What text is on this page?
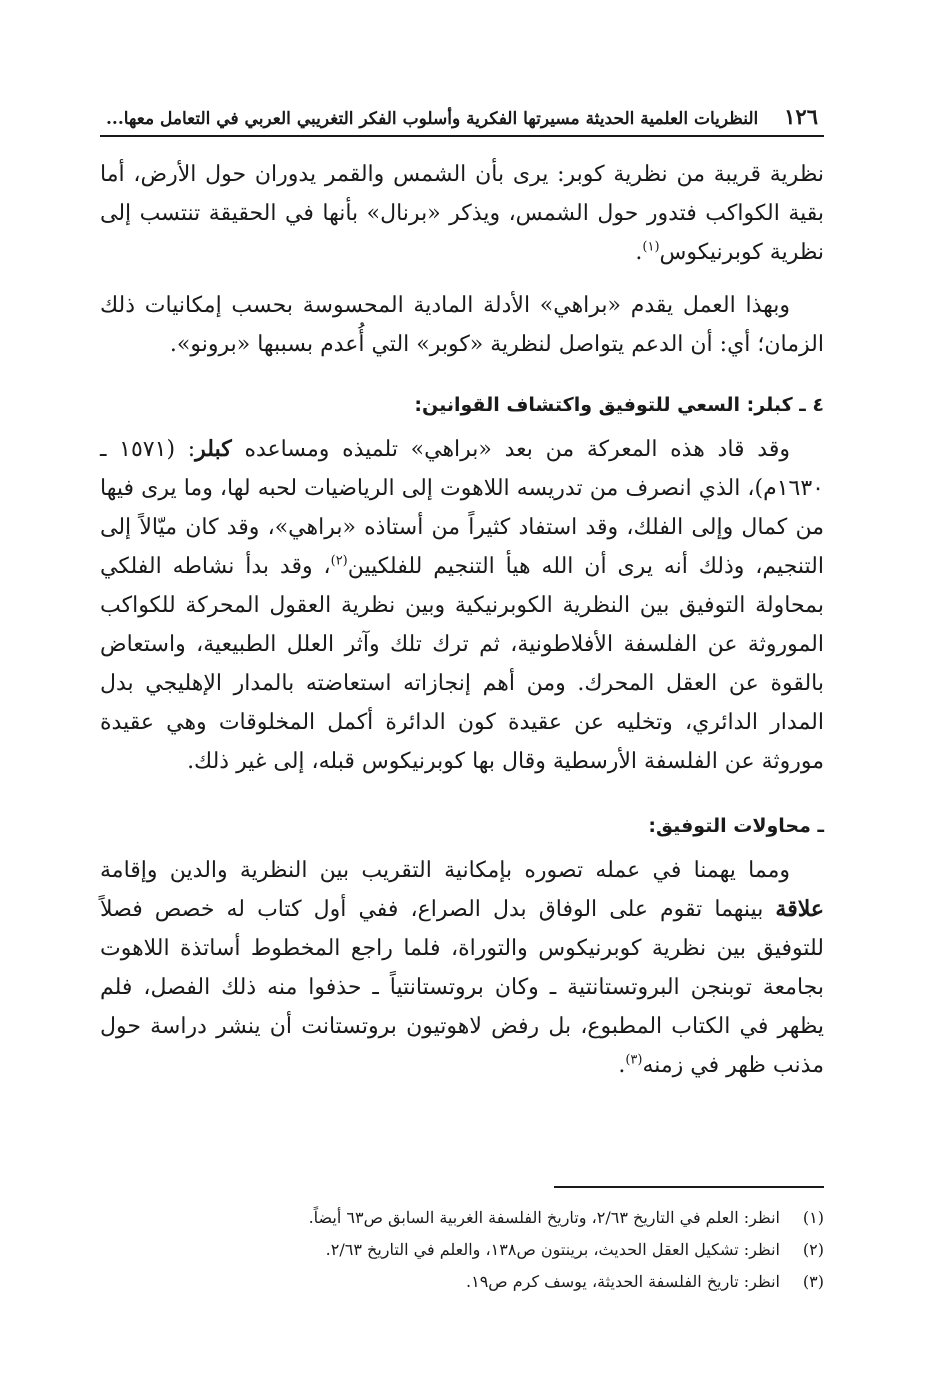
١٢٦
النظريات العلمية الحديثة مسيرتها الفكرية وأسلوب الفكر التغريبي العربي في التعامل معها...

نظرية قريبة من نظرية كوبر: يرى بأن الشمس والقمر يدوران حول الأرض، أما بقية الكواكب فتدور حول الشمس، ويذكر «برنال» بأنها في الحقيقة تنتسب إلى نظرية كوبرنيكوس$^{(١)}$.

وبهذا العمل يقدم «براهي» الأدلة المادية المحسوسة بحسب إمكانيات ذلك الزمان؛ أي: أن الدعم يتواصل لنظرية «كوبر» التي أُعدم بسببها «برونو».

٤ ـ كبلر: السعي للتوفيق واكتشاف القوانين:

وقد قاد هذه المعركة من بعد «براهي» تلميذه ومساعده كبلر: (١٥٧١ ـ ١٦٣٠م)، الذي انصرف من تدريسه اللاهوت إلى الرياضيات لحبه لها، وما يرى فيها من كمال وإلى الفلك، وقد استفاد كثيراً من أستاذه «براهي»، وقد كان ميّالاً إلى التنجيم، وذلك أنه يرى أن الله هيأ التنجيم للفلكيين$^{(٢)}$، وقد بدأ نشاطه الفلكي بمحاولة التوفيق بين النظرية الكوبرنيكية وبين نظرية العقول المحركة للكواكب الموروثة عن الفلسفة الأفلاطونية، ثم ترك تلك وآثر العلل الطبيعية، واستعاض بالقوة عن العقل المحرك. ومن أهم إنجازاته استعاضته بالمدار الإهليجي بدل المدار الدائري، وتخليه عن عقيدة كون الدائرة أكمل المخلوقات وهي عقيدة موروثة عن الفلسفة الأرسطية وقال بها كوبرنيكوس قبله، إلى غير ذلك.

ـ محاولات التوفيق:

ومما يهمنا في عمله تصوره بإمكانية التقريب بين النظرية والدين وإقامة علاقة بينهما تقوم على الوفاق بدل الصراع، ففي أول كتاب له خصص فصلاً للتوفيق بين نظرية كوبرنيكوس والتوراة، فلما راجع المخطوط أساتذة اللاهوت بجامعة توبنجن البروتستانتية ـ وكان بروتستانتياً ـ حذفوا منه ذلك الفصل، فلم يظهر في الكتاب المطبوع، بل رفض لاهوتيون بروتستانت أن ينشر دراسة حول مذنب ظهر في زمنه$^{(٣)}$.

(١)
انظر: العلم في التاريخ ٢/٦٣، وتاريخ الفلسفة الغربية السابق ص٦٣ أيضاً.
(٢)
انظر: تشكيل العقل الحديث، برينتون ص١٣٨، والعلم في التاريخ ٢/٦٣.
(٣)
انظر: تاريخ الفلسفة الحديثة، يوسف كرم ص١٩.
